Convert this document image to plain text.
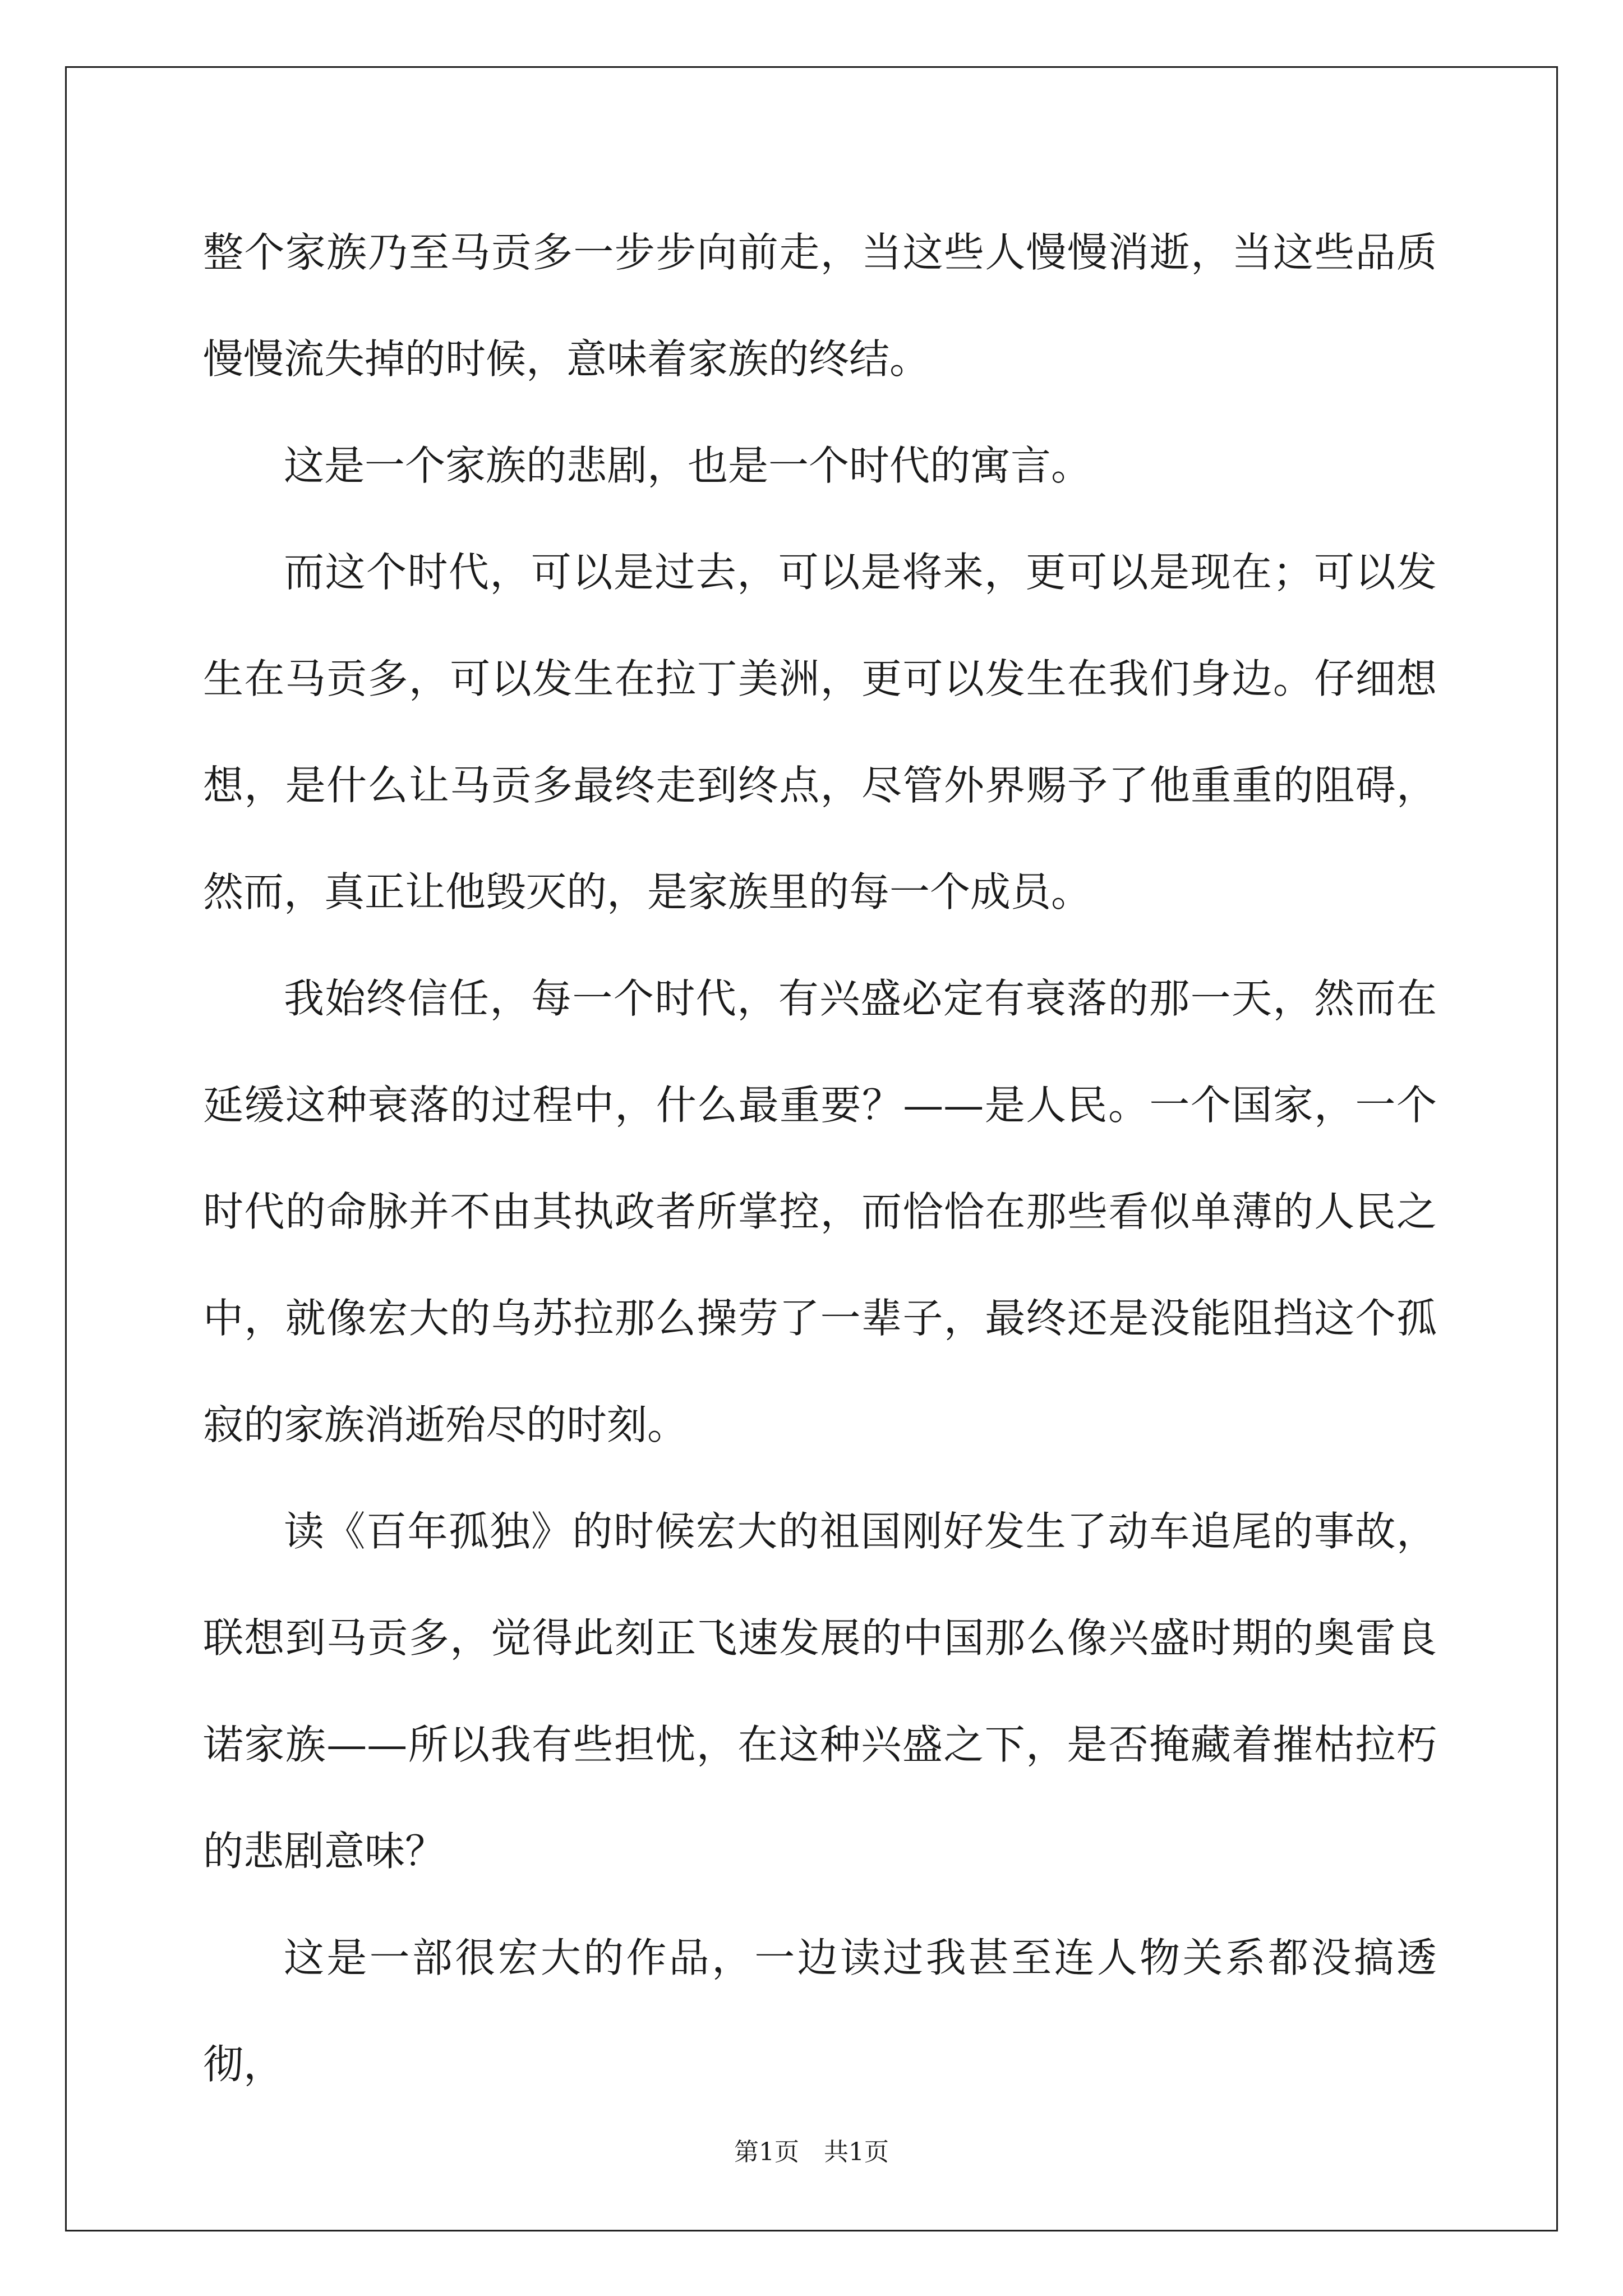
整个家族乃至马贡多一步步向前走，当这些人慢慢消逝，当这些品质慢慢流失掉的时候，意味着家族的终结。

这是一个家族的悲剧，也是一个时代的寓言。

而这个时代，可以是过去，可以是将来，更可以是现在；可以发生在马贡多，可以发生在拉丁美洲，更可以发生在我们身边。仔细想想，是什么让马贡多最终走到终点，尽管外界赐予了他重重的阻碍，然而，真正让他毁灭的，是家族里的每一个成员。

我始终信任，每一个时代，有兴盛必定有衰落的那一天，然而在延缓这种衰落的过程中，什么最重要？——是人民。一个国家，一个时代的命脉并不由其执政者所掌控，而恰恰在那些看似单薄的人民之中，就像宏大的乌苏拉那么操劳了一辈子，最终还是没能阻挡这个孤寂的家族消逝殆尽的时刻。

读《百年孤独》的时候宏大的祖国刚好发生了动车追尾的事故，联想到马贡多，觉得此刻正飞速发展的中国那么像兴盛时期的奥雷良诺家族——所以我有些担忧，在这种兴盛之下，是否掩藏着摧枯拉朽的悲剧意味？

这是一部很宏大的作品，一边读过我甚至连人物关系都没搞透彻，

第1页 共1页
